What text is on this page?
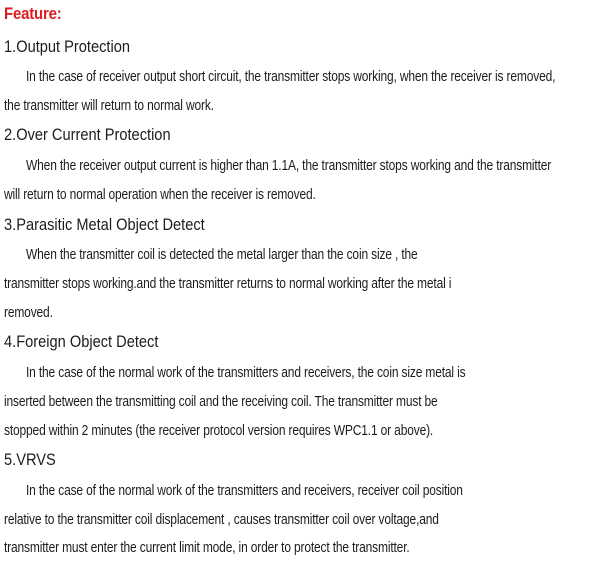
Feature:
1.Output Protection
In the case of receiver output short circuit, the transmitter stops working, when the receiver is removed,
the transmitter will return to normal work.
2.Over Current Protection
When the receiver output current is higher than 1.1A, the transmitter stops working and the transmitter
will return to normal operation when the receiver is removed.
3.Parasitic Metal Object Detect
When the transmitter coil is detected the metal larger than the coin size , the
transmitter stops working.and the transmitter returns to normal working after the metal i
removed.
4.Foreign Object Detect
In the case of the normal work of the transmitters and receivers, the coin size metal is
inserted between the transmitting coil and the receiving coil. The transmitter must be
stopped within 2 minutes (the receiver protocol version requires WPC1.1 or above).
5.VRVS
In the case of the normal work of the transmitters and receivers, receiver coil position
relative to the transmitter coil displacement , causes transmitter coil over voltage,and
transmitter must enter the current limit mode, in order to protect the transmitter.
